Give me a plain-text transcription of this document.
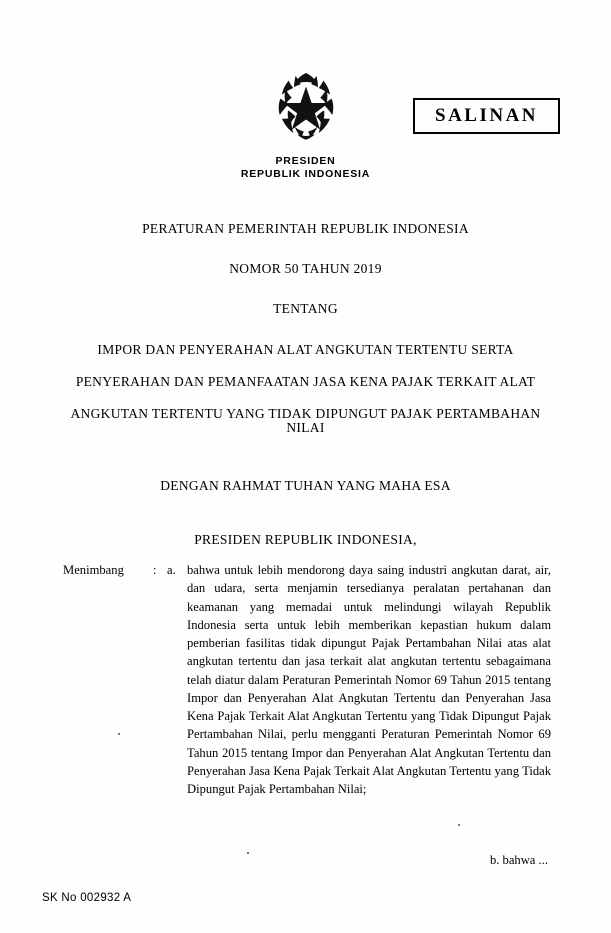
PRESIDEN
REPUBLIK INDONESIA
SALINAN
PERATURAN PEMERINTAH REPUBLIK INDONESIA
NOMOR 50 TAHUN 2019
TENTANG
IMPOR DAN PENYERAHAN ALAT ANGKUTAN TERTENTU SERTA
PENYERAHAN DAN PEMANFAATAN JASA KENA PAJAK TERKAIT ALAT
ANGKUTAN TERTENTU YANG TIDAK DIPUNGUT PAJAK PERTAMBAHAN NILAI
DENGAN RAHMAT TUHAN YANG MAHA ESA
PRESIDEN REPUBLIK INDONESIA,
Menimbang	: a. bahwa untuk lebih mendorong daya saing industri angkutan darat, air, dan udara, serta menjamin tersedianya peralatan pertahanan dan keamanan yang memadai untuk melindungi wilayah Republik Indonesia serta untuk lebih memberikan kepastian hukum dalam pemberian fasilitas tidak dipungut Pajak Pertambahan Nilai atas alat angkutan tertentu dan jasa terkait alat angkutan tertentu sebagaimana telah diatur dalam Peraturan Pemerintah Nomor 69 Tahun 2015 tentang Impor dan Penyerahan Alat Angkutan Tertentu dan Penyerahan Jasa Kena Pajak Terkait Alat Angkutan Tertentu yang Tidak Dipungut Pajak Pertambahan Nilai, perlu mengganti Peraturan Pemerintah Nomor 69 Tahun 2015 tentang Impor dan Penyerahan Alat Angkutan Tertentu dan Penyerahan Jasa Kena Pajak Terkait Alat Angkutan Tertentu yang Tidak Dipungut Pajak Pertambahan Nilai;
b. bahwa ...
SK No 002932 A
